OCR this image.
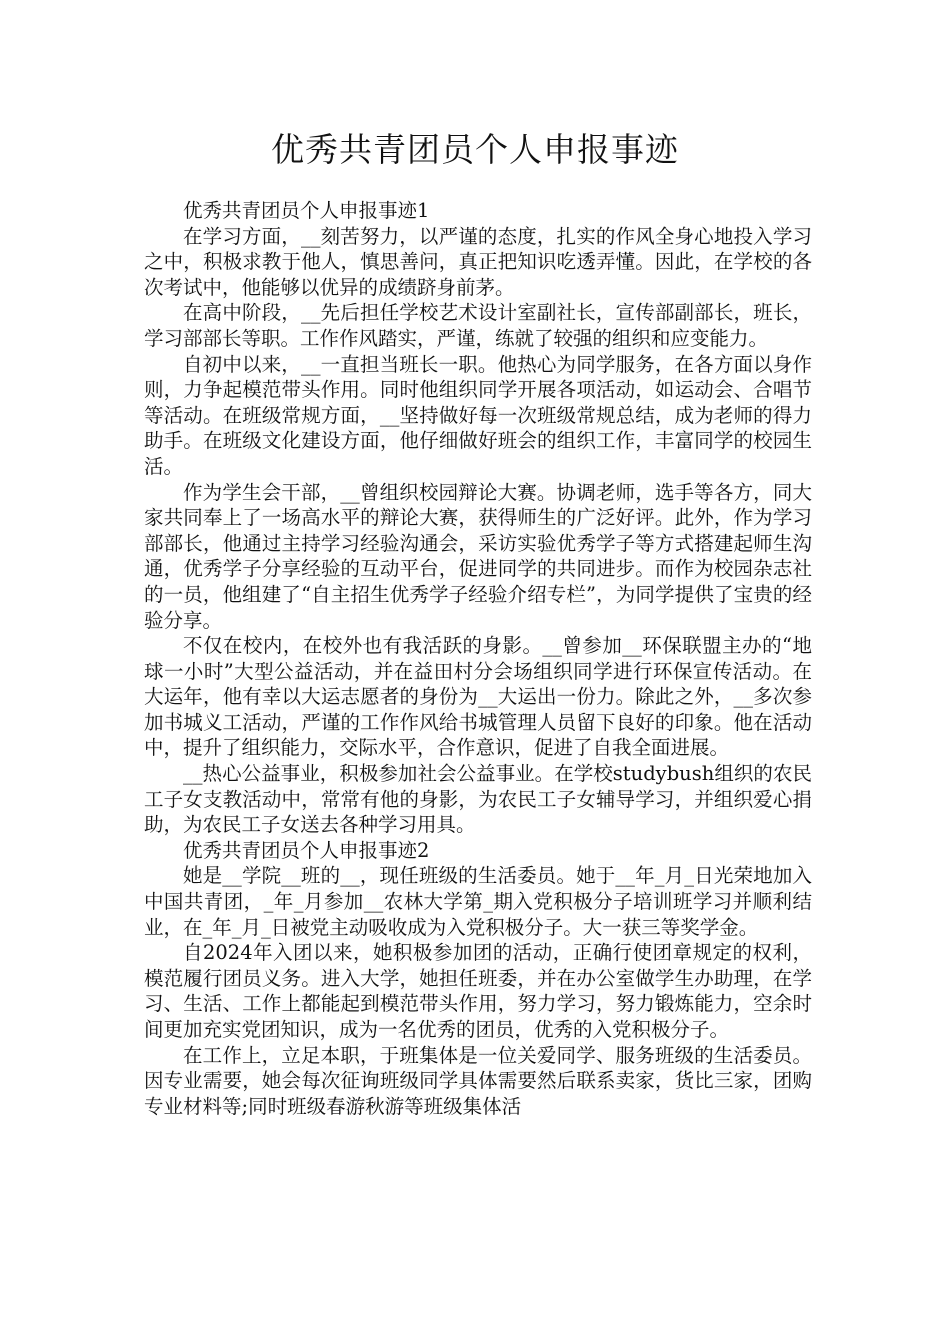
优秀共青团员个人申报事迹

优秀共青团员个人申报事迹1

在学习方面，__刻苦努力，以严谨的态度，扎实的作风全身心地投入学习之中，积极求教于他人，慎思善问，真正把知识吃透弄懂。因此，在学校的各次考试中，他能够以优异的成绩跻身前茅。

在高中阶段，__先后担任学校艺术设计室副社长，宣传部副部长，班长，学习部部长等职。工作作风踏实，严谨，练就了较强的组织和应变能力。

自初中以来，__一直担当班长一职。他热心为同学服务，在各方面以身作则，力争起模范带头作用。同时他组织同学开展各项活动，如运动会、合唱节等活动。在班级常规方面，__坚持做好每一次班级常规总结，成为老师的得力助手。在班级文化建设方面，他仔细做好班会的组织工作，丰富同学的校园生活。

作为学生会干部，__曾组织校园辩论大赛。协调老师，选手等各方，同大家共同奉上了一场高水平的辩论大赛，获得师生的广泛好评。此外，作为学习部部长，他通过主持学习经验沟通会，采访实验优秀学子等方式搭建起师生沟通，优秀学子分享经验的互动平台，促进同学的共同进步。而作为校园杂志社的一员，他组建了“自主招生优秀学子经验介绍专栏”，为同学提供了宝贵的经验分享。

不仅在校内，在校外也有我活跃的身影。__曾参加__环保联盟主办的“地球一小时”大型公益活动，并在益田村分会场组织同学进行环保宣传活动。在大运年，他有幸以大运志愿者的身份为__大运出一份力。除此之外，__多次参加书城义工活动，严谨的工作作风给书城管理人员留下良好的印象。他在活动中，提升了组织能力，交际水平，合作意识，促进了自我全面进展。

__热心公益事业，积极参加社会公益事业。在学校studybush组织的农民工子女支教活动中，常常有他的身影，为农民工子女辅导学习，并组织爱心捐助，为农民工子女送去各种学习用具。

优秀共青团员个人申报事迹2

她是__学院__班的__，现任班级的生活委员。她于__年_月_日光荣地加入中国共青团，_年_月参加__农林大学第_期入党积极分子培训班学习并顺利结业，在_年_月_日被党主动吸收成为入党积极分子。大一获三等奖学金。

自2024年入团以来，她积极参加团的活动，正确行使团章规定的权利，模范履行团员义务。进入大学，她担任班委，并在办公室做学生办助理，在学习、生活、工作上都能起到模范带头作用，努力学习，努力锻炼能力，空余时间更加充实党团知识，成为一名优秀的团员，优秀的入党积极分子。

在工作上，立足本职，于班集体是一位关爱同学、服务班级的生活委员。因专业需要，她会每次征询班级同学具体需要然后联系卖家，货比三家，团购专业材料等;同时班级春游秋游等班级集体活
